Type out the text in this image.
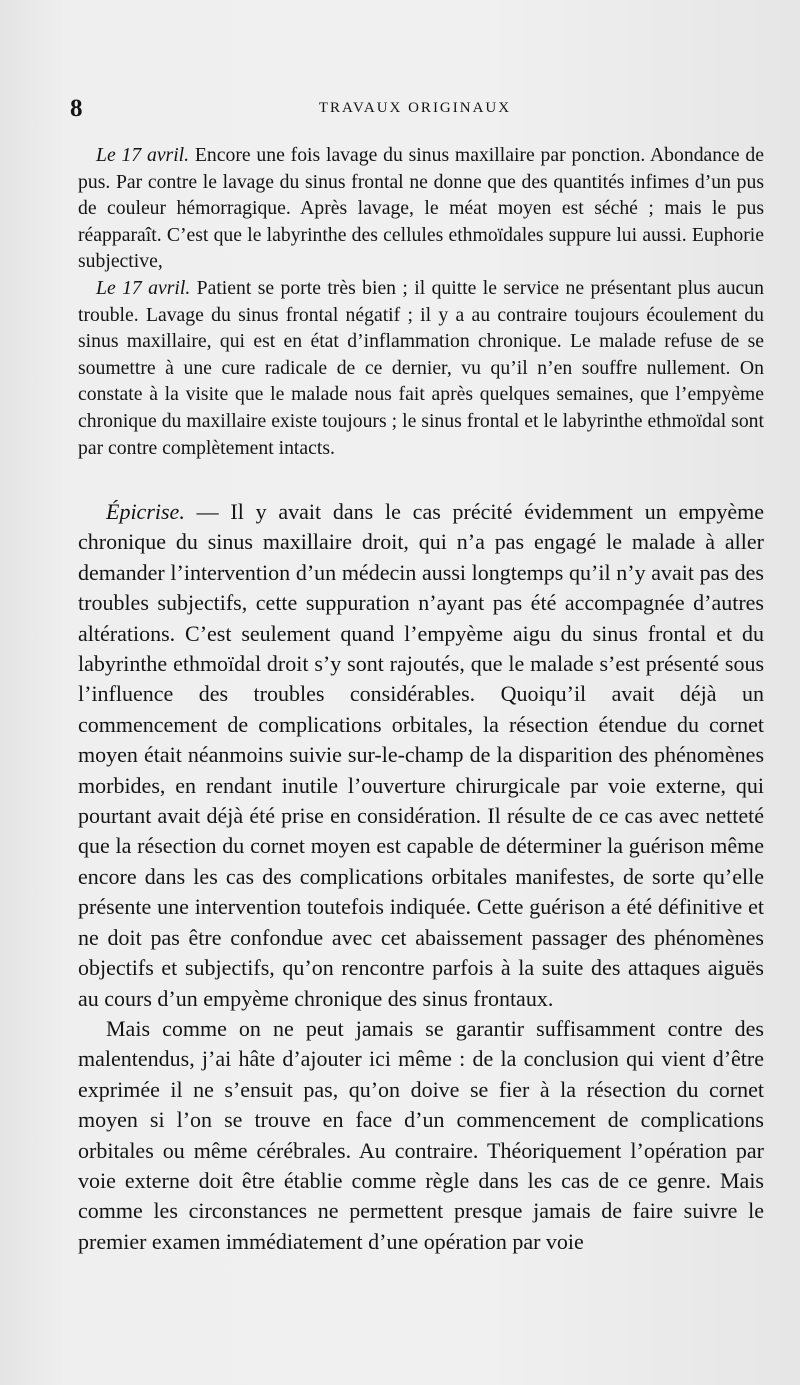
8	TRAVAUX ORIGINAUX

Le 17 avril. Encore une fois lavage du sinus maxillaire par ponction. Abondance de pus. Par contre le lavage du sinus frontal ne donne que des quantités infimes d’un pus de couleur hémorragique. Après lavage, le méat moyen est séché ; mais le pus réapparaît. C’est que le labyrinthe des cellules ethmoïdales suppure lui aussi. Euphorie subjective,

Le 17 avril. Patient se porte très bien ; il quitte le service ne présentant plus aucun trouble. Lavage du sinus frontal négatif ; il y a au contraire toujours écoulement du sinus maxillaire, qui est en état d’inflammation chronique. Le malade refuse de se soumettre à une cure radicale de ce dernier, vu qu’il n’en souffre nullement. On constate à la visite que le malade nous fait après quelques semaines, que l’empyème chronique du maxillaire existe toujours ; le sinus frontal et le labyrinthe ethmoïdal sont par contre complètement intacts.

Épicrise. — Il y avait dans le cas précité évidemment un empyème chronique du sinus maxillaire droit, qui n’a pas engagé le malade à aller demander l’intervention d’un médecin aussi longtemps qu’il n’y avait pas des troubles subjectifs, cette suppuration n’ayant pas été accompagnée d’autres altérations. C’est seulement quand l’empyème aigu du sinus frontal et du labyrinthe ethmoïdal droit s’y sont rajoutés, que le malade s’est présenté sous l’influence des troubles considérables. Quoiqu’il avait déjà un commencement de complications orbitales, la résection étendue du cornet moyen était néanmoins suivie sur-le-champ de la disparition des phénomènes morbides, en rendant inutile l’ouverture chirurgicale par voie externe, qui pourtant avait déjà été prise en considération. Il résulte de ce cas avec netteté que la résection du cornet moyen est capable de déterminer la guérison même encore dans les cas des complications orbitales manifestes, de sorte qu’elle présente une intervention toutefois indiquée. Cette guérison a été définitive et ne doit pas être confondue avec cet abaissement passager des phénomènes objectifs et subjectifs, qu’on rencontre parfois à la suite des attaques aiguës au cours d’un empyème chronique des sinus frontaux.

Mais comme on ne peut jamais se garantir suffisamment contre des malentendus, j’ai hâte d’ajouter ici même : de la conclusion qui vient d’être exprimée il ne s’ensuit pas, qu’on doive se fier à la résection du cornet moyen si l’on se trouve en face d’un commencement de complications orbitales ou même cérébrales. Au contraire. Théoriquement l’opération par voie externe doit être établie comme règle dans les cas de ce genre. Mais comme les circonstances ne permettent presque jamais de faire suivre le premier examen immédiatement d’une opération par voie
